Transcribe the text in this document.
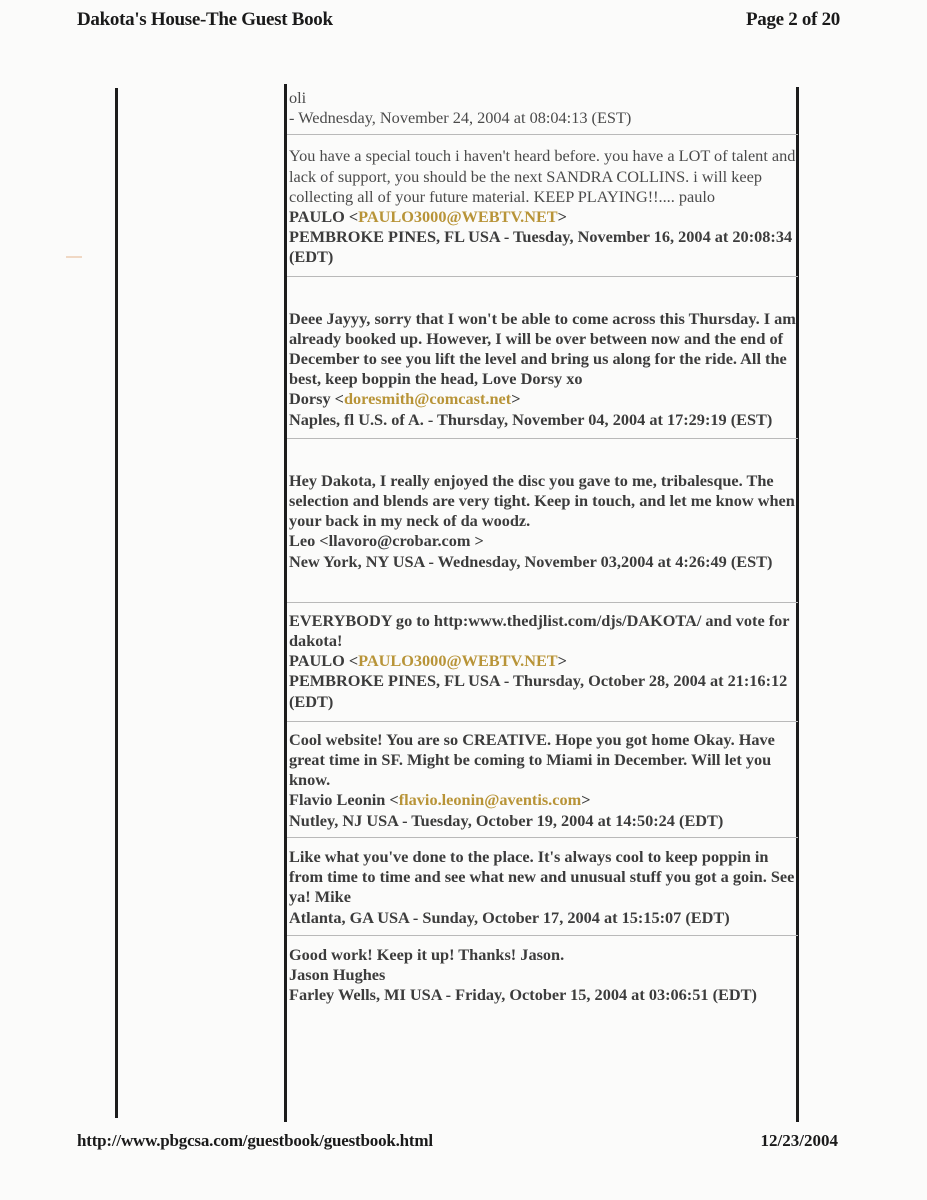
Dakota's House-The Guest Book	Page 2 of 20

oli

- Wednesday, November 24, 2004 at 08:04:13 (EST)

You have a special touch i haven't heard before. you have a LOT of talent and lack of support, you should be the next SANDRA COLLINS. i will keep collecting all of your future material. KEEP PLAYING!!.... paulo

PAULO <PAULO3000@WEBTV.NET>

PEMBROKE PINES, FL USA - Tuesday, November 16, 2004 at 20:08:34 (EDT)

Deee Jayyy, sorry that I won't be able to come across this Thursday. I am already booked up. However, I will be over between now and the end of December to see you lift the level and bring us along for the ride. All the best, keep boppin the head, Love Dorsy xo

Dorsy <doresmith@comcast.net>

Naples, fl U.S. of A. - Thursday, November 04, 2004 at 17:29:19 (EST)

Hey Dakota, I really enjoyed the disc you gave to me, tribalesque. The selection and blends are very tight. Keep in touch, and let me know when your back in my neck of da woodz.

Leo <llavoro@crobar.com >

New York, NY USA - Wednesday, November 03,2004 at 4:26:49 (EST)

EVERYBODY go to http:www.thedjlist.com/djs/DAKOTA/ and vote for dakota!

PAULO <PAULO3000@WEBTV.NET>

PEMBROKE PINES, FL USA - Thursday, October 28, 2004 at 21:16:12 (EDT)

Cool website! You are so CREATIVE. Hope you got home Okay. Have great time in SF. Might be coming to Miami in December. Will let you know.

Flavio Leonin <flavio.leonin@aventis.com>

Nutley, NJ USA - Tuesday, October 19, 2004 at 14:50:24 (EDT)

Like what you've done to the place. It's always cool to keep poppin in from time to time and see what new and unusual stuff you got a goin. See ya! Mike

Atlanta, GA USA - Sunday, October 17, 2004 at 15:15:07 (EDT)

Good work! Keep it up! Thanks! Jason.

Jason Hughes

Farley Wells, MI USA - Friday, October 15, 2004 at 03:06:51 (EDT)

http://www.pbgcsa.com/guestbook/guestbook.html	12/23/2004
